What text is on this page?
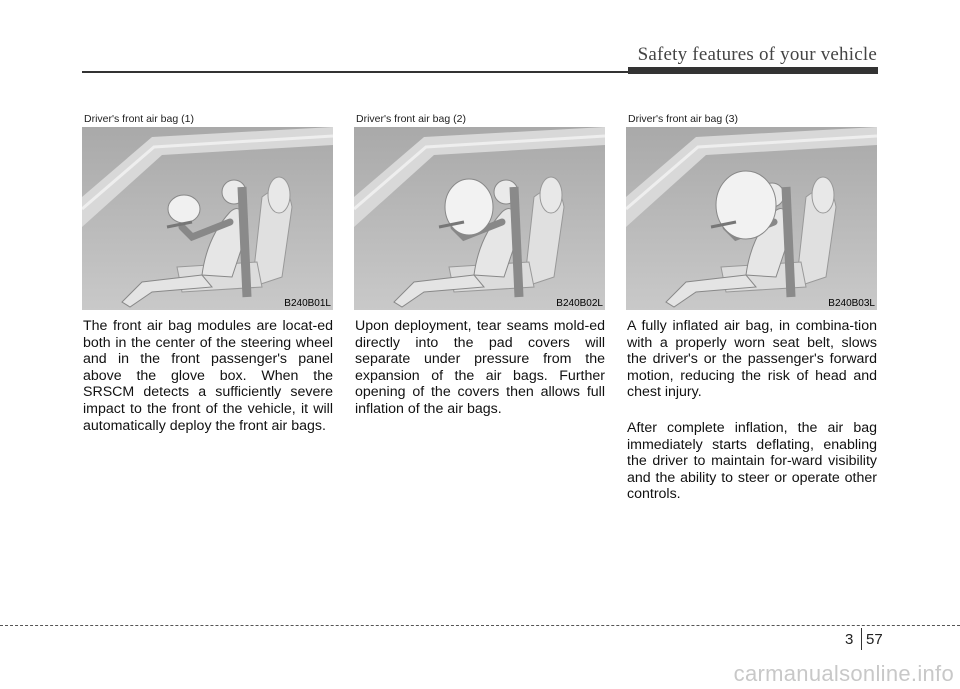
Safety features of your vehicle
Driver's front air bag (1)
B240B01L
Driver's front air bag (2)
B240B02L
Driver's front air bag (3)
B240B03L

The front air bag modules are locat-ed both in the center of the steering wheel and in the front passenger's panel above the glove box. When the SRSCM detects a sufficiently severe impact to the front of the vehicle, it will automatically deploy the front air bags.

Upon deployment, tear seams mold-ed directly into the pad covers will separate under pressure from the expansion of the air bags. Further opening of the covers then allows full inflation of the air bags.

A fully inflated air bag, in combina-tion with a properly worn seat belt, slows the driver's or the passenger's forward motion, reducing the risk of head and chest injury.

After complete inflation, the air bag immediately starts deflating, enabling the driver to maintain for-ward visibility and the ability to steer or operate other controls.

3 57
carmanualsonline.info
